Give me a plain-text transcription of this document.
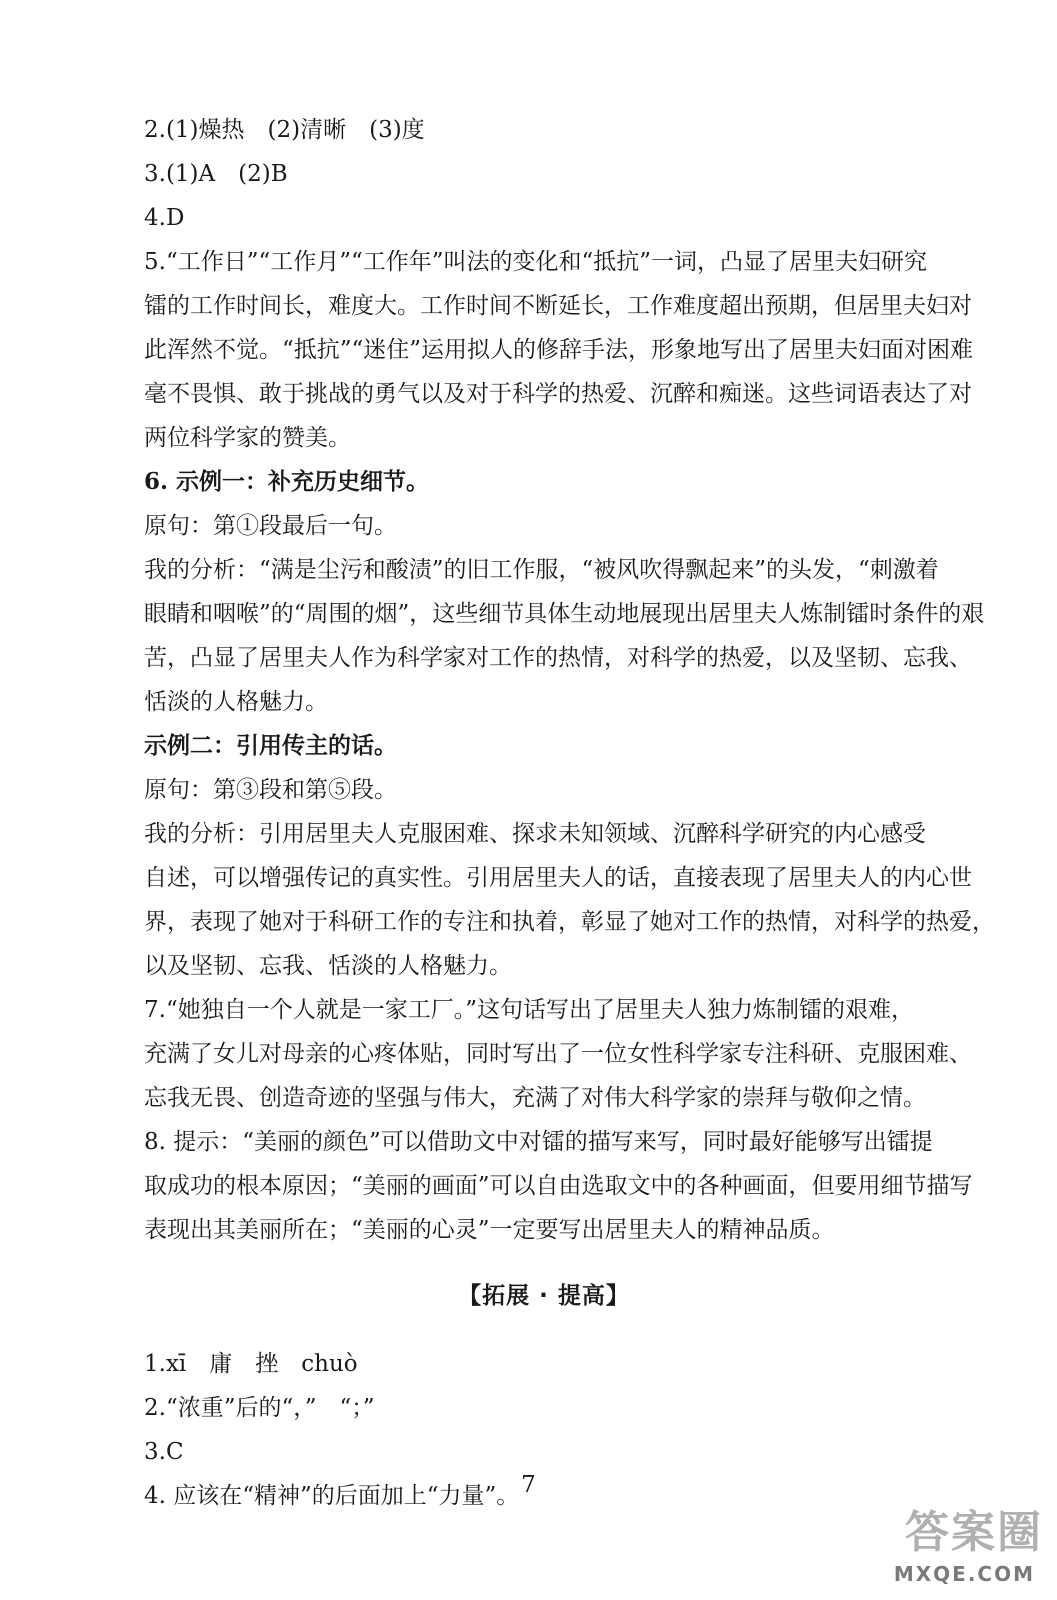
2.(1)燥热　(2)清晰　(3)度

3.(1)A　(2)B

4.D

5.“工作日”“工作月”“工作年”叫法的变化和“抵抗”一词，凸显了居里夫妇研究

镭的工作时间长，难度大。工作时间不断延长，工作难度超出预期，但居里夫妇对

此浑然不觉。“抵抗”“迷住”运用拟人的修辞手法，形象地写出了居里夫妇面对困难

毫不畏惧、敢于挑战的勇气以及对于科学的热爱、沉醉和痴迷。这些词语表达了对

两位科学家的赞美。

6. 示例一：补充历史细节。

原句：第①段最后一句。

我的分析：“满是尘污和酸渍”的旧工作服，“被风吹得飘起来”的头发，“刺激着

眼睛和咽喉”的“周围的烟”，这些细节具体生动地展现出居里夫人炼制镭时条件的艰

苦，凸显了居里夫人作为科学家对工作的热情，对科学的热爱，以及坚韧、忘我、

恬淡的人格魅力。

示例二：引用传主的话。

原句：第③段和第⑤段。

我的分析：引用居里夫人克服困难、探求未知领域、沉醉科学研究的内心感受

自述，可以增强传记的真实性。引用居里夫人的话，直接表现了居里夫人的内心世

界，表现了她对于科研工作的专注和执着，彰显了她对工作的热情，对科学的热爱，

以及坚韧、忘我、恬淡的人格魅力。

7.“她独自一个人就是一家工厂。”这句话写出了居里夫人独力炼制镭的艰难，

充满了女儿对母亲的心疼体贴，同时写出了一位女性科学家专注科研、克服困难、

忘我无畏、创造奇迹的坚强与伟大，充满了对伟大科学家的崇拜与敬仰之情。

8. 提示：“美丽的颜色”可以借助文中对镭的描写来写，同时最好能够写出镭提

取成功的根本原因；“美丽的画面”可以自由选取文中的各种画面，但要用细节描写

表现出其美丽所在；“美丽的心灵”一定要写出居里夫人的精神品质。

【拓展 · 提高】

1.xī　庸　挫　chuò

2.“浓重”后的“，”　“；”

3.C

4. 应该在“精神”的后面加上“力量”。 7
答案圈
MXQE.COM
